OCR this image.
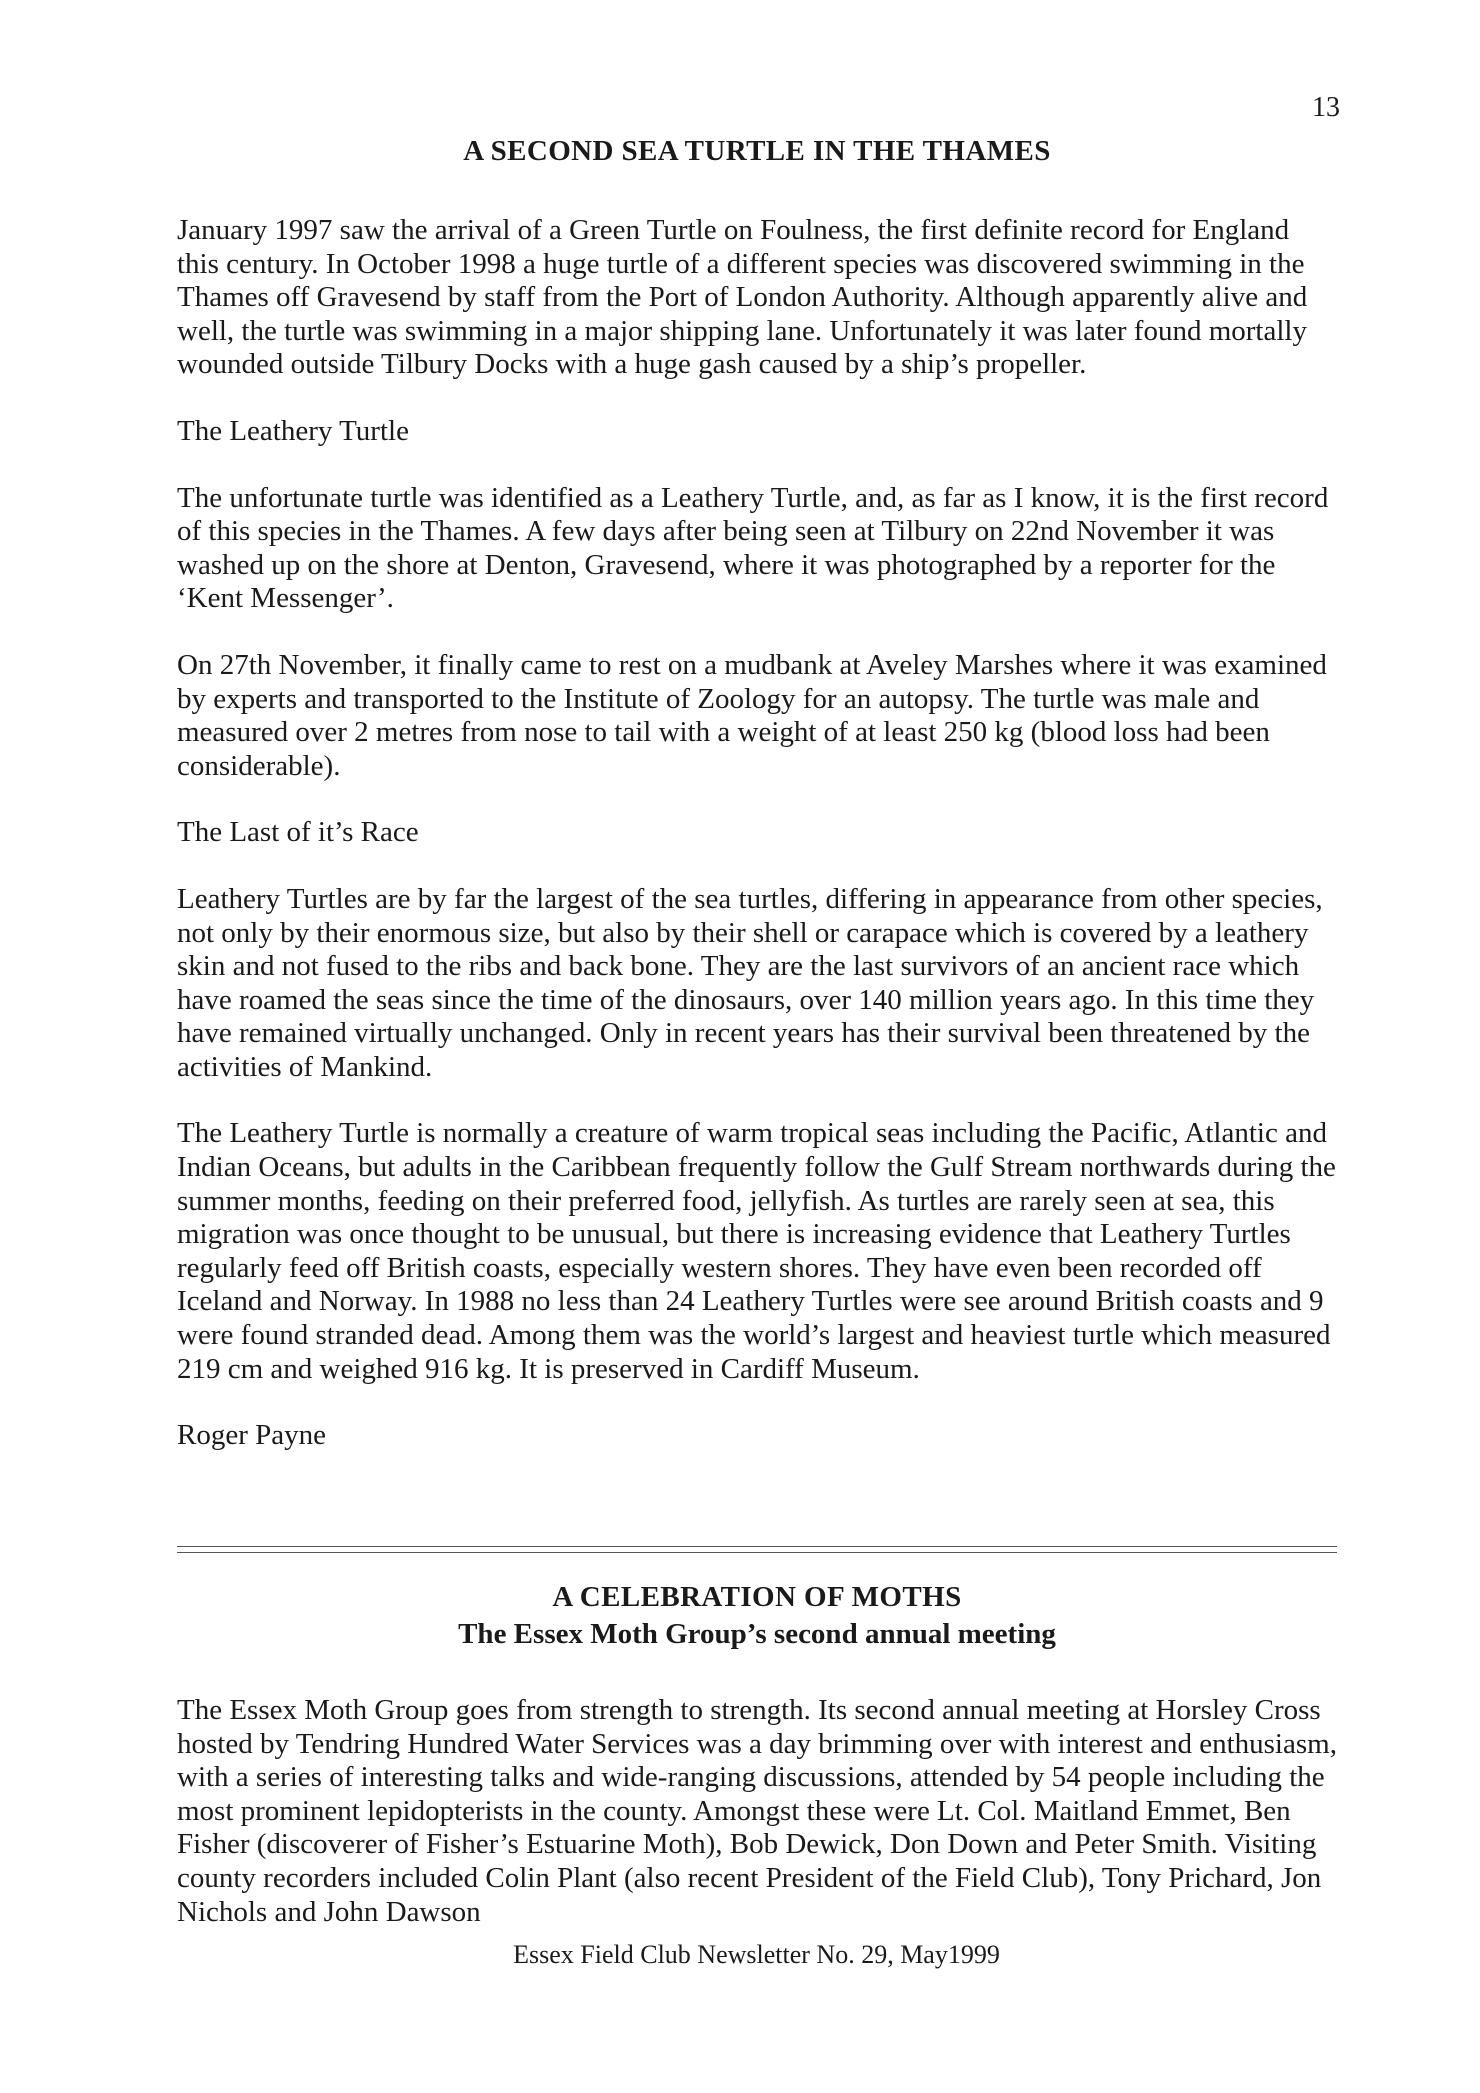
13
A SECOND SEA TURTLE IN THE THAMES

January 1997 saw the arrival of a Green Turtle on Foulness, the first definite record for England this century. In October 1998 a huge turtle of a different species was discovered swimming in the Thames off Gravesend by staff from the Port of London Authority. Although apparently alive and well, the turtle was swimming in a major shipping lane. Unfortunately it was later found mortally wounded outside Tilbury Docks with a huge gash caused by a ship’s propeller.

The Leathery Turtle

The unfortunate turtle was identified as a Leathery Turtle, and, as far as I know, it is the first record of this species in the Thames. A few days after being seen at Tilbury on 22nd November it was washed up on the shore at Denton, Gravesend, where it was photographed by a reporter for the ‘Kent Messenger’.

On 27th November, it finally came to rest on a mudbank at Aveley Marshes where it was examined by experts and transported to the Institute of Zoology for an autopsy. The turtle was male and measured over 2 metres from nose to tail with a weight of at least 250 kg (blood loss had been considerable).

The Last of it’s Race

Leathery Turtles are by far the largest of the sea turtles, differing in appearance from other species, not only by their enormous size, but also by their shell or carapace which is covered by a leathery skin and not fused to the ribs and back bone. They are the last survivors of an ancient race which have roamed the seas since the time of the dinosaurs, over 140 million years ago. In this time they have remained virtually unchanged. Only in recent years has their survival been threatened by the activities of Mankind.

The Leathery Turtle is normally a creature of warm tropical seas including the Pacific, Atlantic and Indian Oceans, but adults in the Caribbean frequently follow the Gulf Stream northwards during the summer months, feeding on their preferred food, jellyfish. As turtles are rarely seen at sea, this migration was once thought to be unusual, but there is increasing evidence that Leathery Turtles regularly feed off British coasts, especially western shores. They have even been recorded off Iceland and Norway. In 1988 no less than 24 Leathery Turtles were see around British coasts and 9 were found stranded dead. Among them was the world’s largest and heaviest turtle which measured 219 cm and weighed 916 kg. It is preserved in Cardiff Museum.

Roger Payne

A CELEBRATION OF MOTHS
The Essex Moth Group’s second annual meeting

The Essex Moth Group goes from strength to strength. Its second annual meeting at Horsley Cross hosted by Tendring Hundred Water Services was a day brimming over with interest and enthusiasm, with a series of interesting talks and wide-ranging discussions, attended by 54 people including the most prominent lepidopterists in the county. Amongst these were Lt. Col. Maitland Emmet, Ben Fisher (discoverer of Fisher’s Estuarine Moth), Bob Dewick, Don Down and Peter Smith. Visiting county recorders included Colin Plant (also recent President of the Field Club), Tony Prichard, Jon Nichols and John Dawson

Essex Field Club Newsletter No. 29, May1999
